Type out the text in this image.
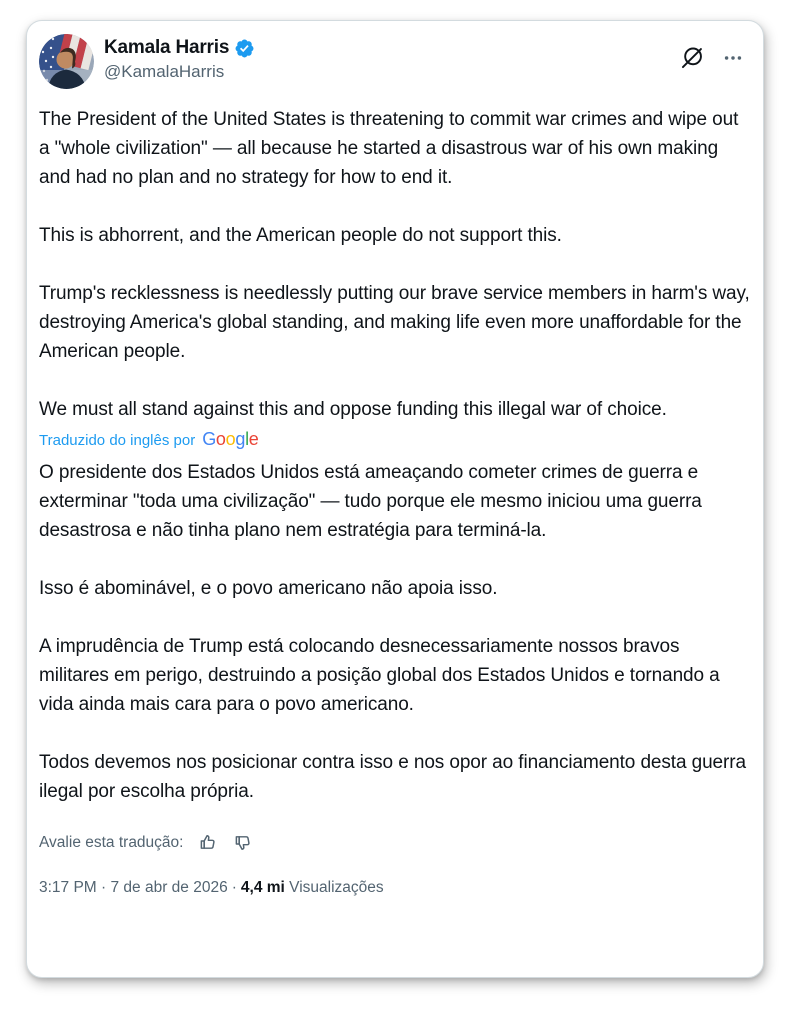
Kamala Harris
@KamalaHarris

The President of the United States is threatening to commit war crimes and wipe out a "whole civilization" — all because he started a disastrous war of his own making and had no plan and no strategy for how to end it.

This is abhorrent, and the American people do not support this.

Trump's recklessness is needlessly putting our brave service members in harm's way, destroying America's global standing, and making life even more unaffordable for the American people.

We must all stand against this and oppose funding this illegal war of choice.

Traduzido do inglês por Google

O presidente dos Estados Unidos está ameaçando cometer crimes de guerra e exterminar "toda uma civilização" — tudo porque ele mesmo iniciou uma guerra desastrosa e não tinha plano nem estratégia para terminá-la.

Isso é abominável, e o povo americano não apoia isso.

A imprudência de Trump está colocando desnecessariamente nossos bravos militares em perigo, destruindo a posição global dos Estados Unidos e tornando a vida ainda mais cara para o povo americano.

Todos devemos nos posicionar contra isso e nos opor ao financiamento desta guerra ilegal por escolha própria.

Avalie esta tradução:
3:17 PM · 7 de abr de 2026 · 4,4 mi Visualizações
